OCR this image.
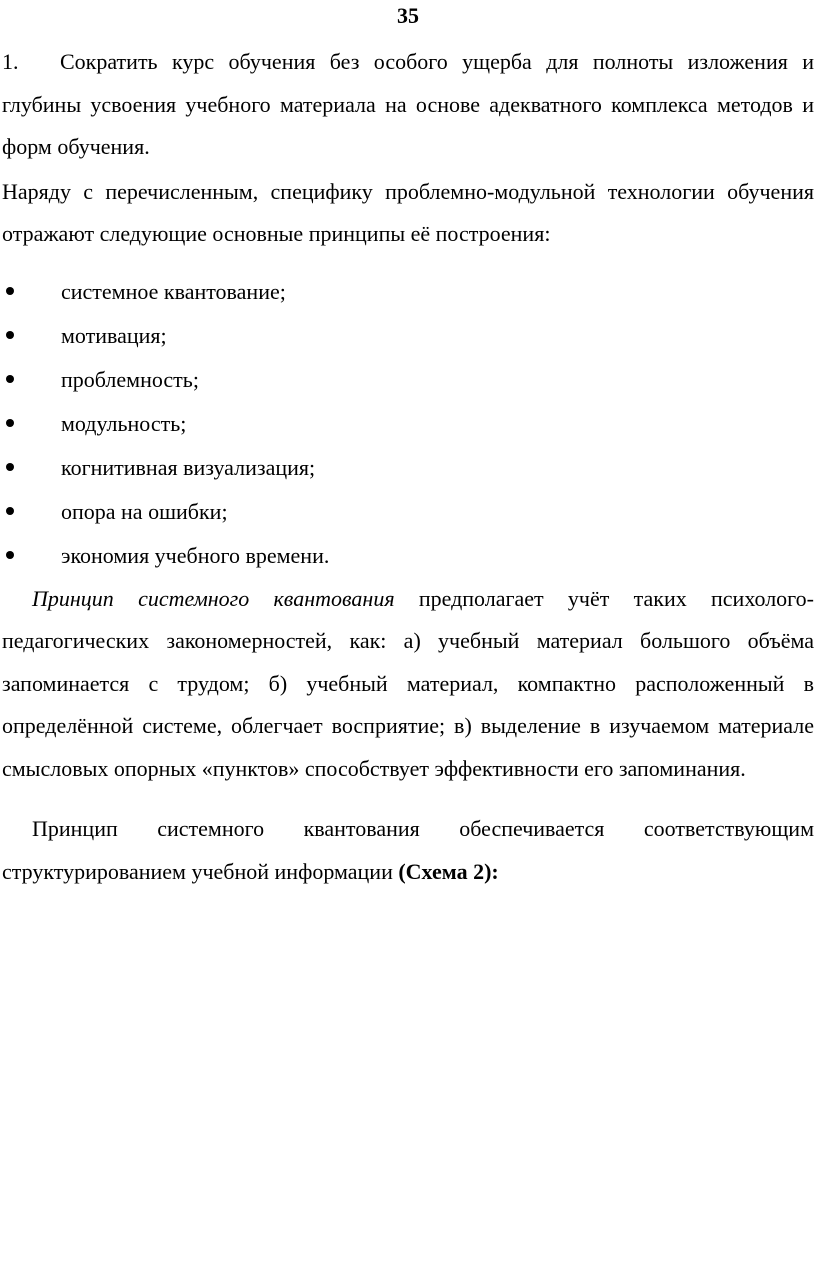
35

1. Сократить курс обучения без особого ущерба для полноты изложения и глубины усвоения учебного материала на основе адекватного комплекса методов и форм обучения.

Наряду с перечисленным, специфику проблемно-модульной технологии обучения отражают следующие основные принципы её построения:

системное квантование;
мотивация;
проблемность;
модульность;
когнитивная визуализация;
опора на ошибки;
экономия учебного времени.

Принцип системного квантования предполагает учёт таких психолого-педагогических закономерностей, как: а) учебный материал большого объёма запоминается с трудом; б) учебный материал, компактно расположенный в определённой системе, облегчает восприятие; в) выделение в изучаемом материале смысловых опорных «пунктов» способствует эффективности его запоминания.

Принцип системного квантования обеспечивается соответствующим структурированием учебной информации (Схема 2):
